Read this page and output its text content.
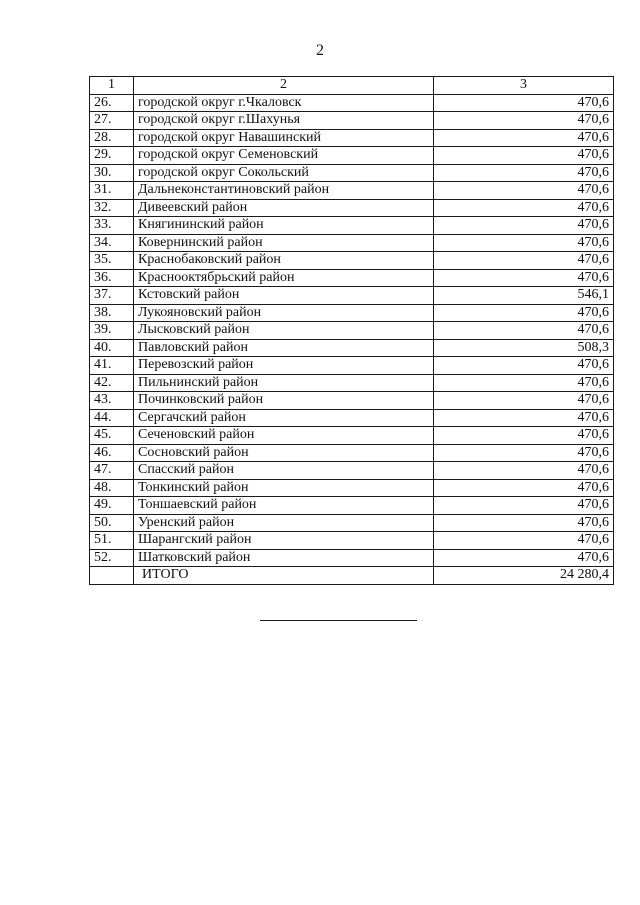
2
1	2	3
26.	городской округ г.Чкаловск	470,6
27.	городской округ г.Шахунья	470,6
28.	городской округ Навашинский	470,6
29.	городской округ Семеновский	470,6
30.	городской округ Сокольский	470,6
31.	Дальнеконстантиновский район	470,6
32.	Дивеевский район	470,6
33.	Княгининский район	470,6
34.	Ковернинский район	470,6
35.	Краснобаковский район	470,6
36.	Краснооктябрьский район	470,6
37.	Кстовский район	546,1
38.	Лукояновский район	470,6
39.	Лысковский район	470,6
40.	Павловский район	508,3
41.	Перевозский район	470,6
42.	Пильнинский район	470,6
43.	Починковский район	470,6
44.	Сергачский район	470,6
45.	Сеченовский район	470,6
46.	Сосновский район	470,6
47.	Спасский район	470,6
48.	Тонкинский район	470,6
49.	Тоншаевский район	470,6
50.	Уренский район	470,6
51.	Шарангский район	470,6
52.	Шатковский район	470,6
	ИТОГО	24 280,4
